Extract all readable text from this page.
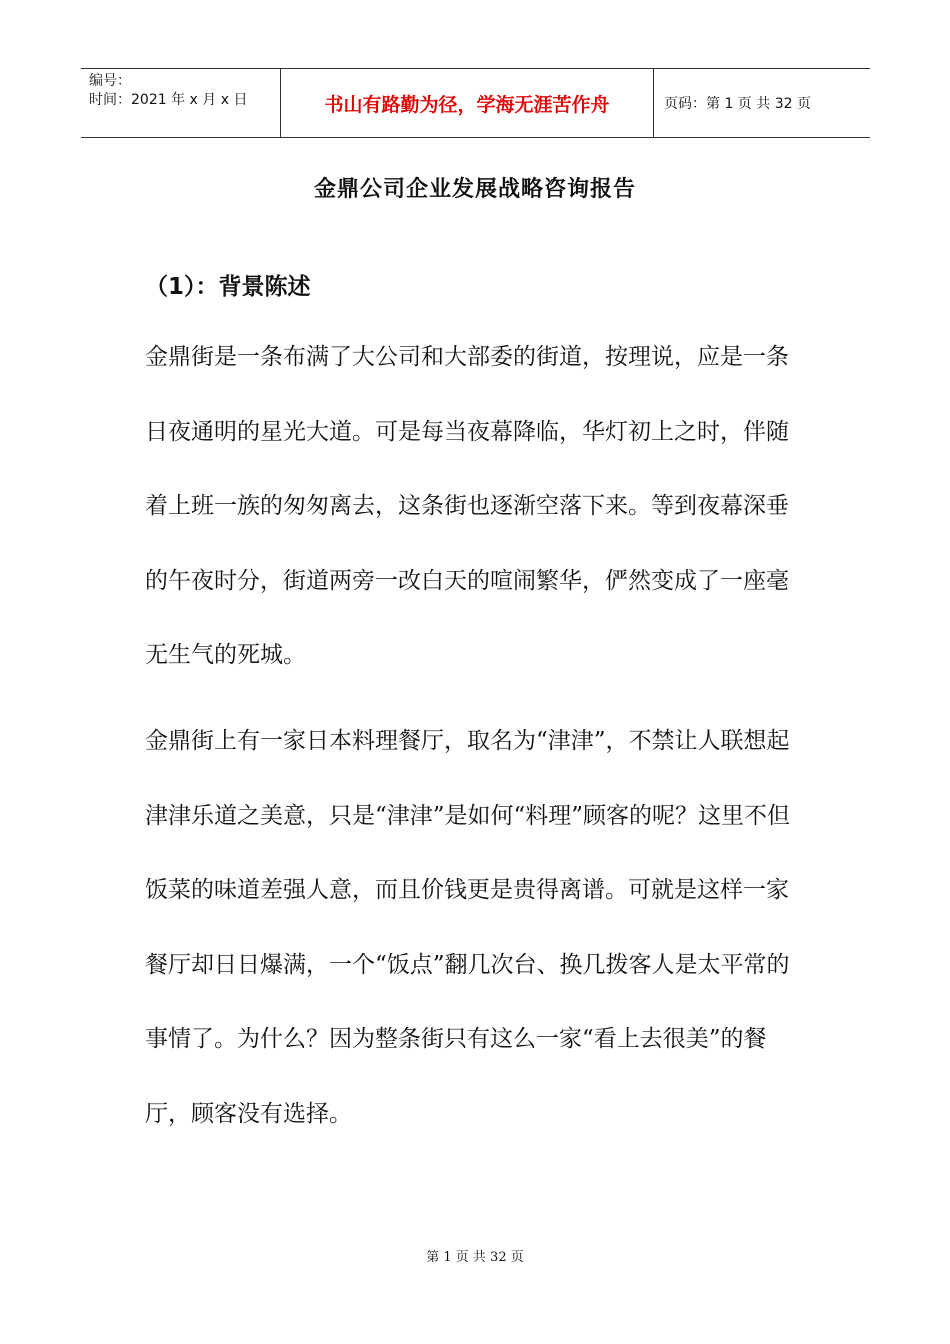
编号：
时间：2021 年 x 月 x 日	书山有路勤为径，学海无涯苦作舟	页码：第 1 页 共 32 页
金鼎公司企业发展战略咨询报告
（1）：背景陈述

金鼎街是一条布满了大公司和大部委的街道，按理说，应是一条日夜通明的星光大道。可是每当夜幕降临，华灯初上之时，伴随着上班一族的匆匆离去，这条街也逐渐空落下来。等到夜幕深垂的午夜时分，街道两旁一改白天的喧闹繁华，俨然变成了一座毫无生气的死城。

金鼎街上有一家日本料理餐厅，取名为“津津”，不禁让人联想起津津乐道之美意，只是“津津”是如何“料理”顾客的呢？这里不但饭菜的味道差强人意，而且价钱更是贵得离谱。可就是这样一家餐厅却日日爆满，一个“饭点”翻几次台、换几拨客人是太平常的事情了。为什么？因为整条街只有这么一家“看上去很美”的餐厅，顾客没有选择。

第 1 页 共 32 页
